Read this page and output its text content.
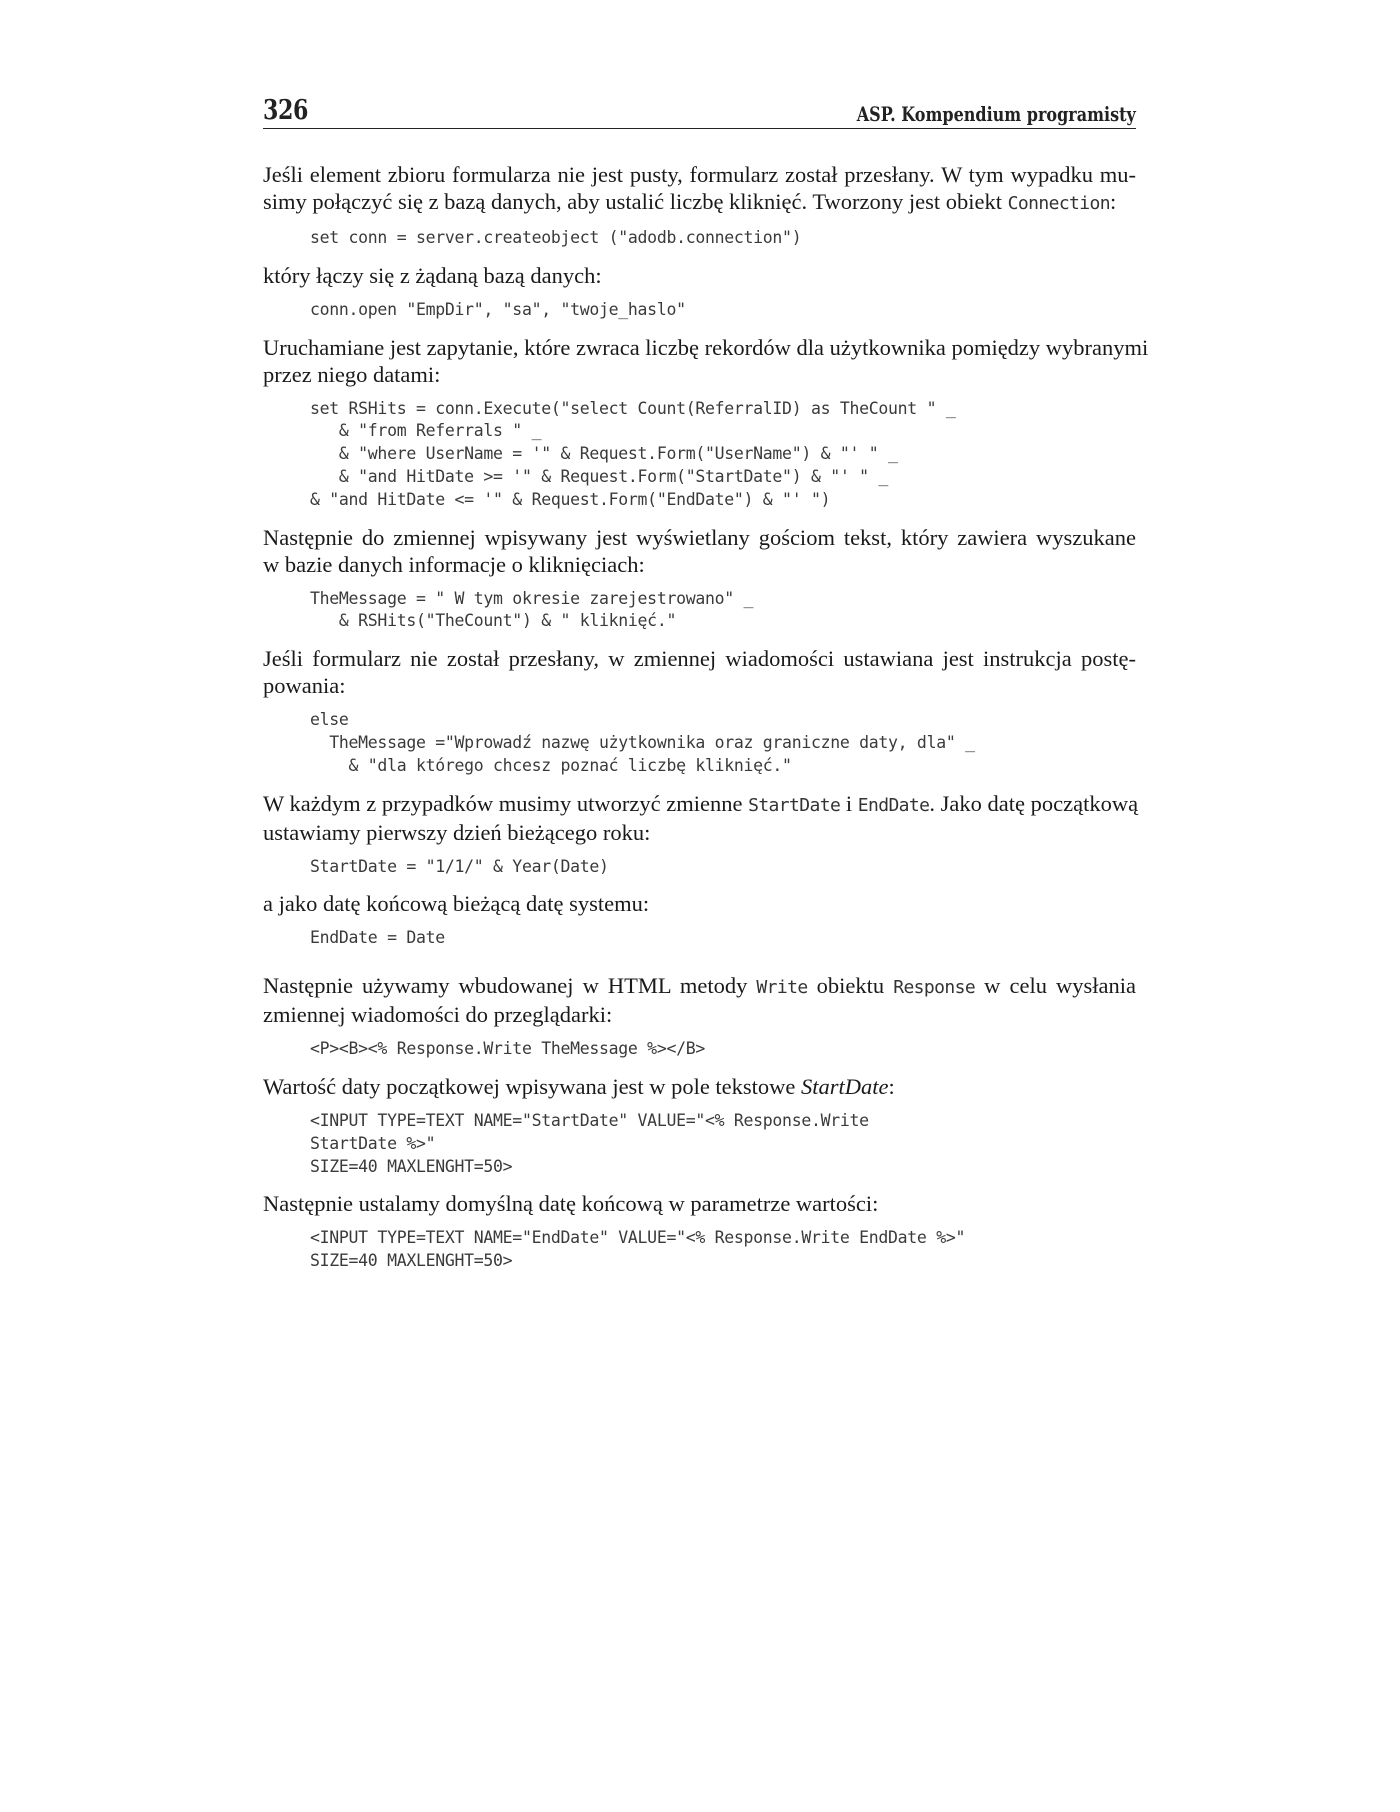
326	ASP. Kompendium programisty

Jeśli element zbioru formularza nie jest pusty, formularz został przesłany. W tym wypadku mu-
simy połączyć się z bazą danych, aby ustalić liczbę kliknięć. Tworzony jest obiekt Connection:

set conn = server.createobject ("adodb.connection")

który łączy się z żądaną bazą danych:

conn.open "EmpDir", "sa", "twoje_haslo"

Uruchamiane jest zapytanie, które zwraca liczbę rekordów dla użytkownika pomiędzy wybranymi
przez niego datami:

set RSHits = conn.Execute("select Count(ReferralID) as TheCount " _
& "from Referrals " _
& "where UserName = '" & Request.Form("UserName") & "' " _
& "and HitDate >= '" & Request.Form("StartDate") & "' " _
& "and HitDate <= '" & Request.Form("EndDate") & "' ")

Następnie do zmiennej wpisywany jest wyświetlany gościom tekst, który zawiera wyszukane
w bazie danych informacje o kliknięciach:

TheMessage = " W tym okresie zarejestrowano" _
& RSHits("TheCount") & " kliknięć."

Jeśli formularz nie został przesłany, w zmiennej wiadomości ustawiana jest instrukcja postę-
powania:

else
TheMessage ="Wprowadź nazwę użytkownika oraz graniczne daty, dla" _
& "dla którego chcesz poznać liczbę kliknięć."

W każdym z przypadków musimy utworzyć zmienne StartDate i EndDate. Jako datę początkową
ustawiamy pierwszy dzień bieżącego roku:

StartDate = "1/1/" & Year(Date)

a jako datę końcową bieżącą datę systemu:

EndDate = Date

Następnie używamy wbudowanej w HTML metody Write obiektu Response w celu wysłania
zmiennej wiadomości do przeglądarki:

<P><B><% Response.Write TheMessage %></B>

Wartość daty początkowej wpisywana jest w pole tekstowe StartDate:

<INPUT TYPE=TEXT NAME="StartDate" VALUE="<% Response.Write
StartDate %>"
SIZE=40 MAXLENGHT=50>

Następnie ustalamy domyślną datę końcową w parametrze wartości:

<INPUT TYPE=TEXT NAME="EndDate" VALUE="<% Response.Write EndDate %>"
SIZE=40 MAXLENGHT=50>
